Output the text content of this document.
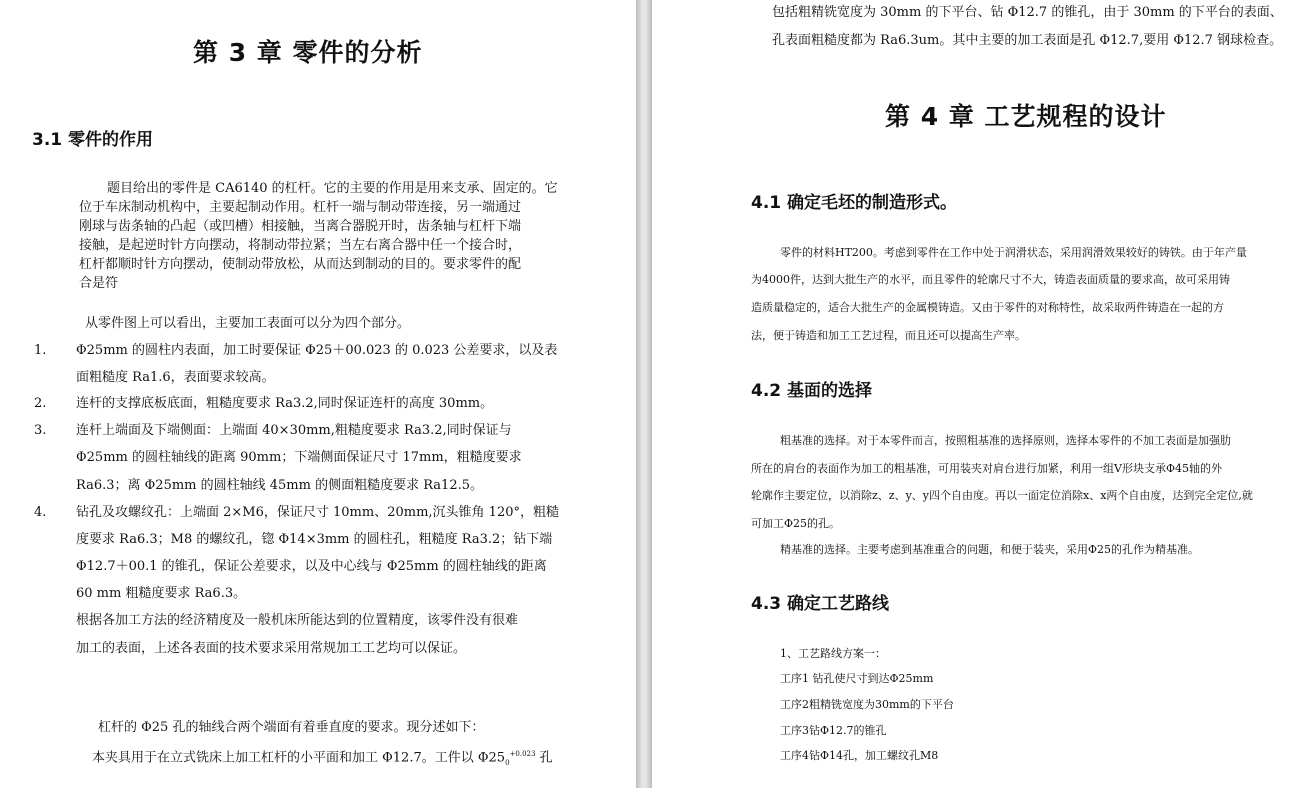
第 3 章 零件的分析
3.1 零件的作用
题目给出的零件是 CA6140 的杠杆。它的主要的作用是用来支承、固定的。它
位于车床制动机构中，主要起制动作用。杠杆一端与制动带连接，另一端通过
刚球与齿条轴的凸起（或凹槽）相接触，当离合器脱开时，齿条轴与杠杆下端
接触，是起逆时针方向摆动，将制动带拉紧；当左右离合器中任一个接合时，
杠杆都顺时针方向摆动，使制动带放松，从而达到制动的目的。要求零件的配
合是符
从零件图上可以看出，主要加工表面可以分为四个部分。
1.	Φ25mm 的圆柱内表面，加工时要保证 Φ25＋00.023 的 0.023 公差要求，以及表
面粗糙度 Ra1.6，表面要求较高。
2.	连杆的支撑底板底面，粗糙度要求 Ra3.2,同时保证连杆的高度 30mm。
3.	连杆上端面及下端侧面：上端面 40×30mm,粗糙度要求 Ra3.2,同时保证与
Φ25mm 的圆柱轴线的距离 90mm；下端侧面保证尺寸 17mm，粗糙度要求
Ra6.3；离 Φ25mm 的圆柱轴线 45mm 的侧面粗糙度要求 Ra12.5。
4.	钻孔及攻螺纹孔：上端面 2×M6，保证尺寸 10mm、20mm,沉头锥角 120°，粗糙
度要求 Ra6.3；M8 的螺纹孔，锪 Φ14×3mm 的圆柱孔，粗糙度 Ra3.2；钻下端
Φ12.7＋00.1 的锥孔，保证公差要求，以及中心线与 Φ25mm 的圆柱轴线的距离
60 mm 粗糙度要求 Ra6.3。
根据各加工方法的经济精度及一般机床所能达到的位置精度，该零件没有很难
加工的表面，上述各表面的技术要求采用常规加工工艺均可以保证。
杠杆的 Φ25 孔的轴线合两个端面有着垂直度的要求。现分述如下：
本夹具用于在立式铣床上加工杠杆的小平面和加工 Φ12.7。工件以 $\Phi 25_0^{+0.023}$ 孔
包括粗精铣宽度为 30mm 的下平台、钻 Φ12.7 的锥孔，由于 30mm 的下平台的表面、
孔表面粗糙度都为 Ra6.3um。其中主要的加工表面是孔 Φ12.7,要用 Φ12.7 钢球检查。
第 4 章 工艺规程的设计
4.1 确定毛坯的制造形式。
零件的材料HT200。考虑到零件在工作中处于润滑状态，采用润滑效果较好的铸铁。由于年产量
为4000件，达到大批生产的水平，而且零件的轮廓尺寸不大，铸造表面质量的要求高，故可采用铸
造质量稳定的，适合大批生产的金属模铸造。又由于零件的对称特性，故采取两件铸造在一起的方
法，便于铸造和加工工艺过程，而且还可以提高生产率。
4.2 基面的选择
粗基准的选择。对于本零件而言，按照粗基准的选择原则，选择本零件的不加工表面是加强肋
所在的肩台的表面作为加工的粗基准，可用装夹对肩台进行加紧，利用一组V形块支承Φ45轴的外
轮廓作主要定位，以消除z、z、y、y四个自由度。再以一面定位消除x、x两个自由度，达到完全定位,就
可加工Φ25的孔。
精基准的选择。主要考虑到基准重合的问题，和便于装夹，采用Φ25的孔作为精基准。
4.3 确定工艺路线
1、工艺路线方案一：
工序1 钻孔使尺寸到达Φ25mm
工序2粗精铣宽度为30mm的下平台
工序3钻Φ12.7的锥孔
工序4钻Φ14孔，加工螺纹孔M8
